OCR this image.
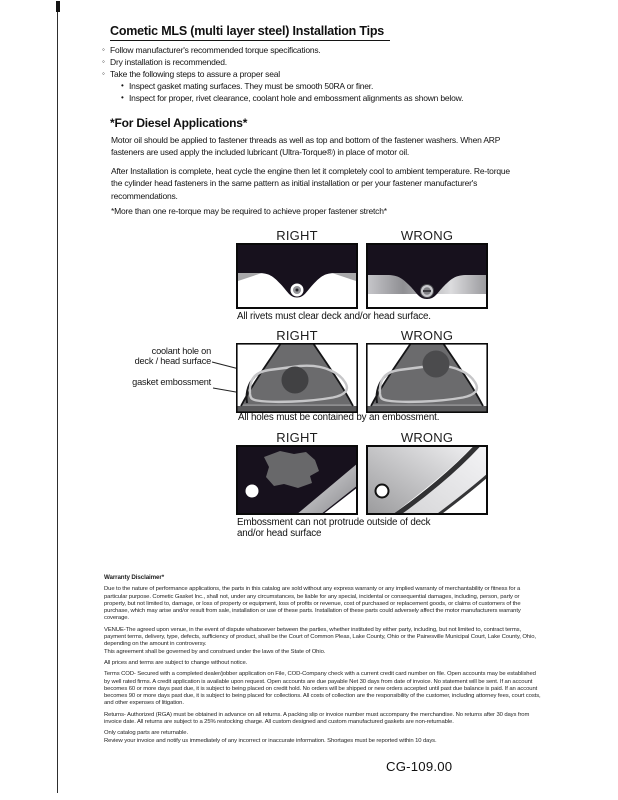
Cometic MLS (multi layer steel) Installation Tips
◦ Follow manufacturer's recommended torque specifications.
◦ Dry installation is recommended.
◦ Take the following steps to assure a proper seal
• Inspect gasket mating surfaces. They must be smooth 50RA or finer.
• Inspect for proper, rivet clearance, coolant hole and embossment alignments as shown below.
*For Diesel Applications*

Motor oil should be applied to fastener threads as well as top and bottom of the fastener washers. When ARP fasteners are used apply the included lubricant (Ultra-Torque®) in place of motor oil.

After Installation is complete, heat cycle the engine then let it completely cool to ambient temperature. Re-torque the cylinder head fasteners in the same pattern as initial installation or per your fastener manufacturer's recommendations.

*More than one re-torque may be required to achieve proper fastener stretch*

RIGHT	WRONG
All rivets must clear deck and/or head surface.
RIGHT	WRONG
coolant hole on
deck / head surface
gasket embossment
All holes must be contained by an embossment.
RIGHT	WRONG
Embossment can not protrude outside of deck
and/or head surface
Warranty Disclaimer*
Due to the nature of performance applications, the parts in this catalog are sold without any express warranty or any implied warranty of merchantability or fitness for a particular purpose. Cometic Gasket Inc., shall not, under any circumstances, be liable for any special, incidental or consequential damages, including, person, party or property, but not limited to, damage, or loss of property or equipment, loss of profits or revenue, cost of purchased or replacement goods, or claims of customers of the purchase, which may arise and/or result from sale, installation or use of these parts. Installation of these parts could adversely affect the motor manufacturers warranty coverage.
VENUE-The agreed upon venue, in the event of dispute whatsoever between the parties, whether instituted by either party, including, but not limited to, contract terms, payment terms, delivery, type, defects, sufficiency of product, shall be the Court of Common Pleas, Lake County, Ohio or the Painesville Municipal Court, Lake County, Ohio, depending on the amount in controversy.
This agreement shall be governed by and construed under the laws of the State of Ohio.
All prices and terms are subject to change without notice.
Terms COD- Secured with a completed dealer/jobber application on File, COD-Company check with a current credit card number on file. Open accounts may be established by well rated firms. A credit application is available upon request. Open accounts are due payable Net 30 days from date of invoice. No statement will be sent. If an account becomes 60 or more days past due, it is subject to being placed on credit hold. No orders will be shipped or new orders accepted until past due balance is paid. If an account becomes 90 or more days past due, it is subject to being placed for collections. All costs of collection are the responsibility of the customer, including attorney fees, court costs, and other expenses of litigation.
Returns- Authorized (RGA) must be obtained in advance on all returns. A packing slip or invoice number must accompany the merchandise. No returns after 30 days from invoice date. All returns are subject to a 25% restocking charge. All custom designed and custom manufactured gaskets are non-returnable.
Only catalog parts are returnable.
Review your invoice and notify us immediately of any incorrect or inaccurate information. Shortages must be reported within 10 days.
CG-109.00
